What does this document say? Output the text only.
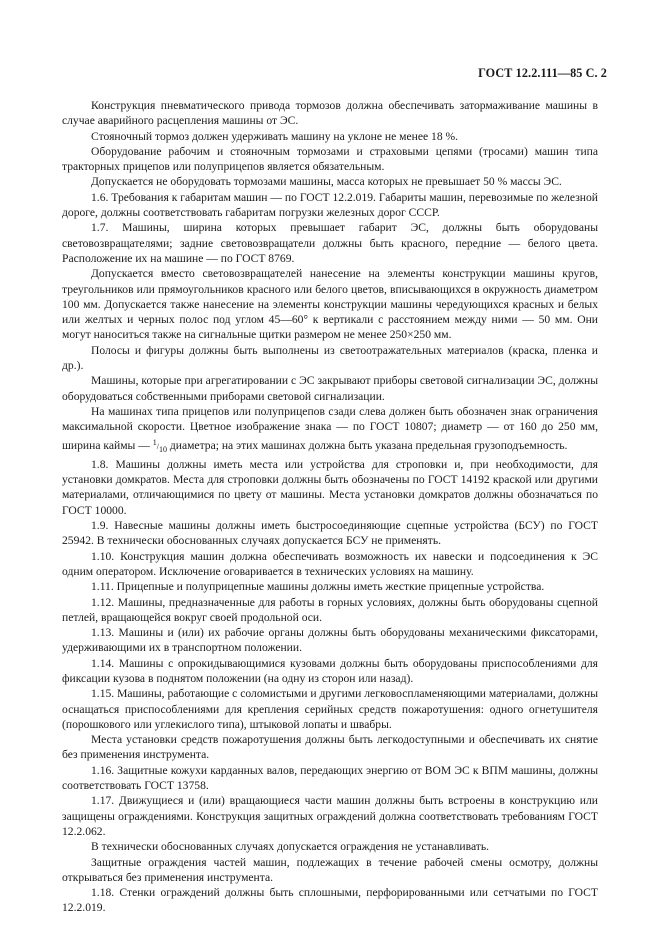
ГОСТ 12.2.111—85 С. 2

Конструкция пневматического привода тормозов должна обеспечивать затормаживание машины в случае аварийного расцепления машины от ЭС.

Стояночный тормоз должен удерживать машину на уклоне не менее 18 %.

Оборудование рабочим и стояночным тормозами и страховыми цепями (тросами) машин типа тракторных прицепов или полуприцепов является обязательным.

Допускается не оборудовать тормозами машины, масса которых не превышает 50 % массы ЭС.

1.6. Требования к габаритам машин — по ГОСТ 12.2.019. Габариты машин, перевозимые по железной дороге, должны соответствовать габаритам погрузки железных дорог СССР.

1.7. Машины, ширина которых превышает габарит ЭС, должны быть оборудованы световозвращателями; задние световозвращатели должны быть красного, передние — белого цвета. Расположение их на машине — по ГОСТ 8769.

Допускается вместо световозвращателей нанесение на элементы конструкции машины кругов, треугольников или прямоугольников красного или белого цветов, вписывающихся в окружность диаметром 100 мм. Допускается также нанесение на элементы конструкции машины чередующихся красных и белых или желтых и черных полос под углом 45—60° к вертикали с расстоянием между ними — 50 мм. Они могут наноситься также на сигнальные щитки размером не менее 250×250 мм.

Полосы и фигуры должны быть выполнены из светоотражательных материалов (краска, пленка и др.).

Машины, которые при агрегатировании с ЭС закрывают приборы световой сигнализации ЭС, должны оборудоваться собственными приборами световой сигнализации.

На машинах типа прицепов или полуприцепов сзади слева должен быть обозначен знак ограничения максимальной скорости. Цветное изображение знака — по ГОСТ 10807; диаметр — от 160 до 250 мм, ширина каймы — $^1/_{10}$ диаметра; на этих машинах должна быть указана предельная грузоподъемность.

1.8. Машины должны иметь места или устройства для строповки и, при необходимости, для установки домкратов. Места для строповки должны быть обозначены по ГОСТ 14192 краской или другими материалами, отличающимися по цвету от машины. Места установки домкратов должны обозначаться по ГОСТ 10000.

1.9. Навесные машины должны иметь быстросоединяющие сцепные устройства (БСУ) по ГОСТ 25942. В технически обоснованных случаях допускается БСУ не применять.

1.10. Конструкция машин должна обеспечивать возможность их навески и подсоединения к ЭС одним оператором. Исключение оговаривается в технических условиях на машину.

1.11. Прицепные и полуприцепные машины должны иметь жесткие прицепные устройства.

1.12. Машины, предназначенные для работы в горных условиях, должны быть оборудованы сцепной петлей, вращающейся вокруг своей продольной оси.

1.13. Машины и (или) их рабочие органы должны быть оборудованы механическими фиксаторами, удерживающими их в транспортном положении.

1.14. Машины с опрокидывающимися кузовами должны быть оборудованы приспособлениями для фиксации кузова в поднятом положении (на одну из сторон или назад).

1.15. Машины, работающие с соломистыми и другими легковоспламеняющими материалами, должны оснащаться приспособлениями для крепления серийных средств пожаротушения: одного огнетушителя (порошкового или углекислого типа), штыковой лопаты и швабры.

Места установки средств пожаротушения должны быть легкодоступными и обеспечивать их снятие без применения инструмента.

1.16. Защитные кожухи карданных валов, передающих энергию от ВОМ ЭС к ВПМ машины, должны соответствовать ГОСТ 13758.

1.17. Движущиеся и (или) вращающиеся части машин должны быть встроены в конструкцию или защищены ограждениями. Конструкция защитных ограждений должна соответствовать требованиям ГОСТ 12.2.062.

В технически обоснованных случаях допускается ограждения не устанавливать.

Защитные ограждения частей машин, подлежащих в течение рабочей смены осмотру, должны открываться без применения инструмента.

1.18. Стенки ограждений должны быть сплошными, перфорированными или сетчатыми по ГОСТ 12.2.019.
